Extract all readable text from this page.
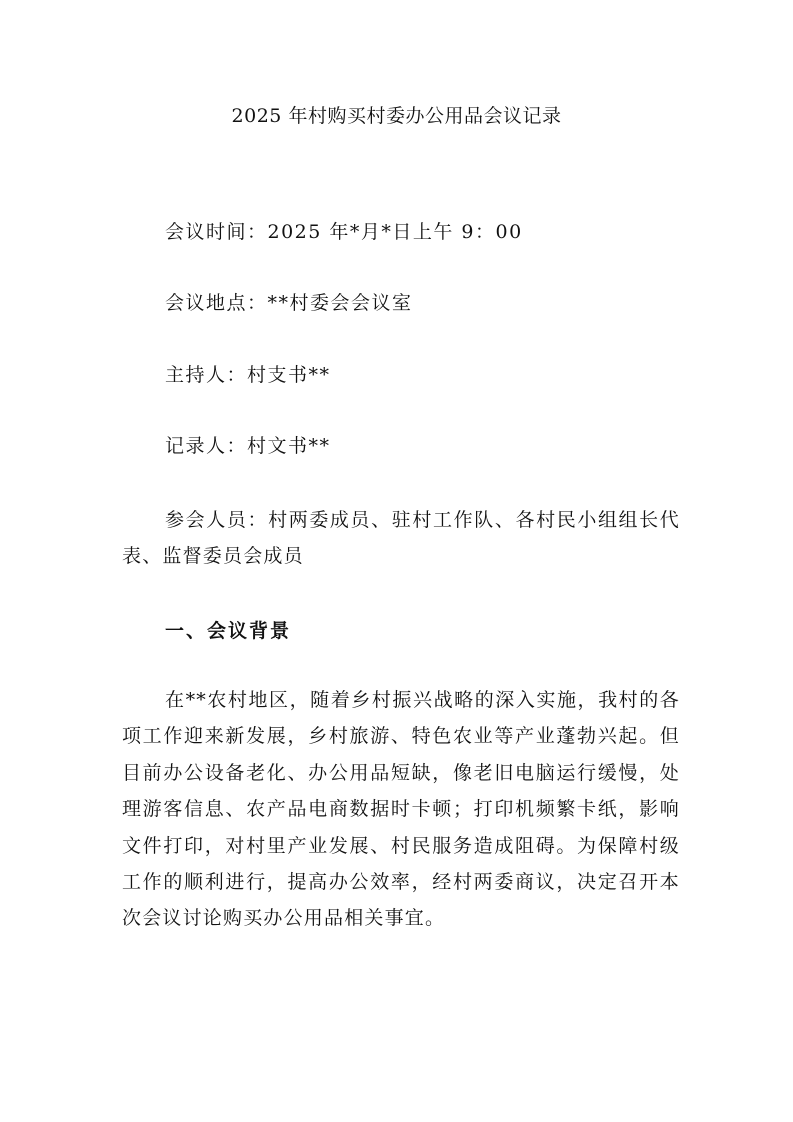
2025 年村购买村委办公用品会议记录

会议时间：2025 年*月*日上午 9：00

会议地点：**村委会会议室

主持人：村支书**

记录人：村文书**

参会人员：村两委成员、驻村工作队、各村民小组组长代表、监督委员会成员

一、会议背景

在**农村地区，随着乡村振兴战略的深入实施，我村的各项工作迎来新发展，乡村旅游、特色农业等产业蓬勃兴起。但目前办公设备老化、办公用品短缺，像老旧电脑运行缓慢，处理游客信息、农产品电商数据时卡顿；打印机频繁卡纸，影响文件打印，对村里产业发展、村民服务造成阻碍。为保障村级工作的顺利进行，提高办公效率，经村两委商议，决定召开本次会议讨论购买办公用品相关事宜。
